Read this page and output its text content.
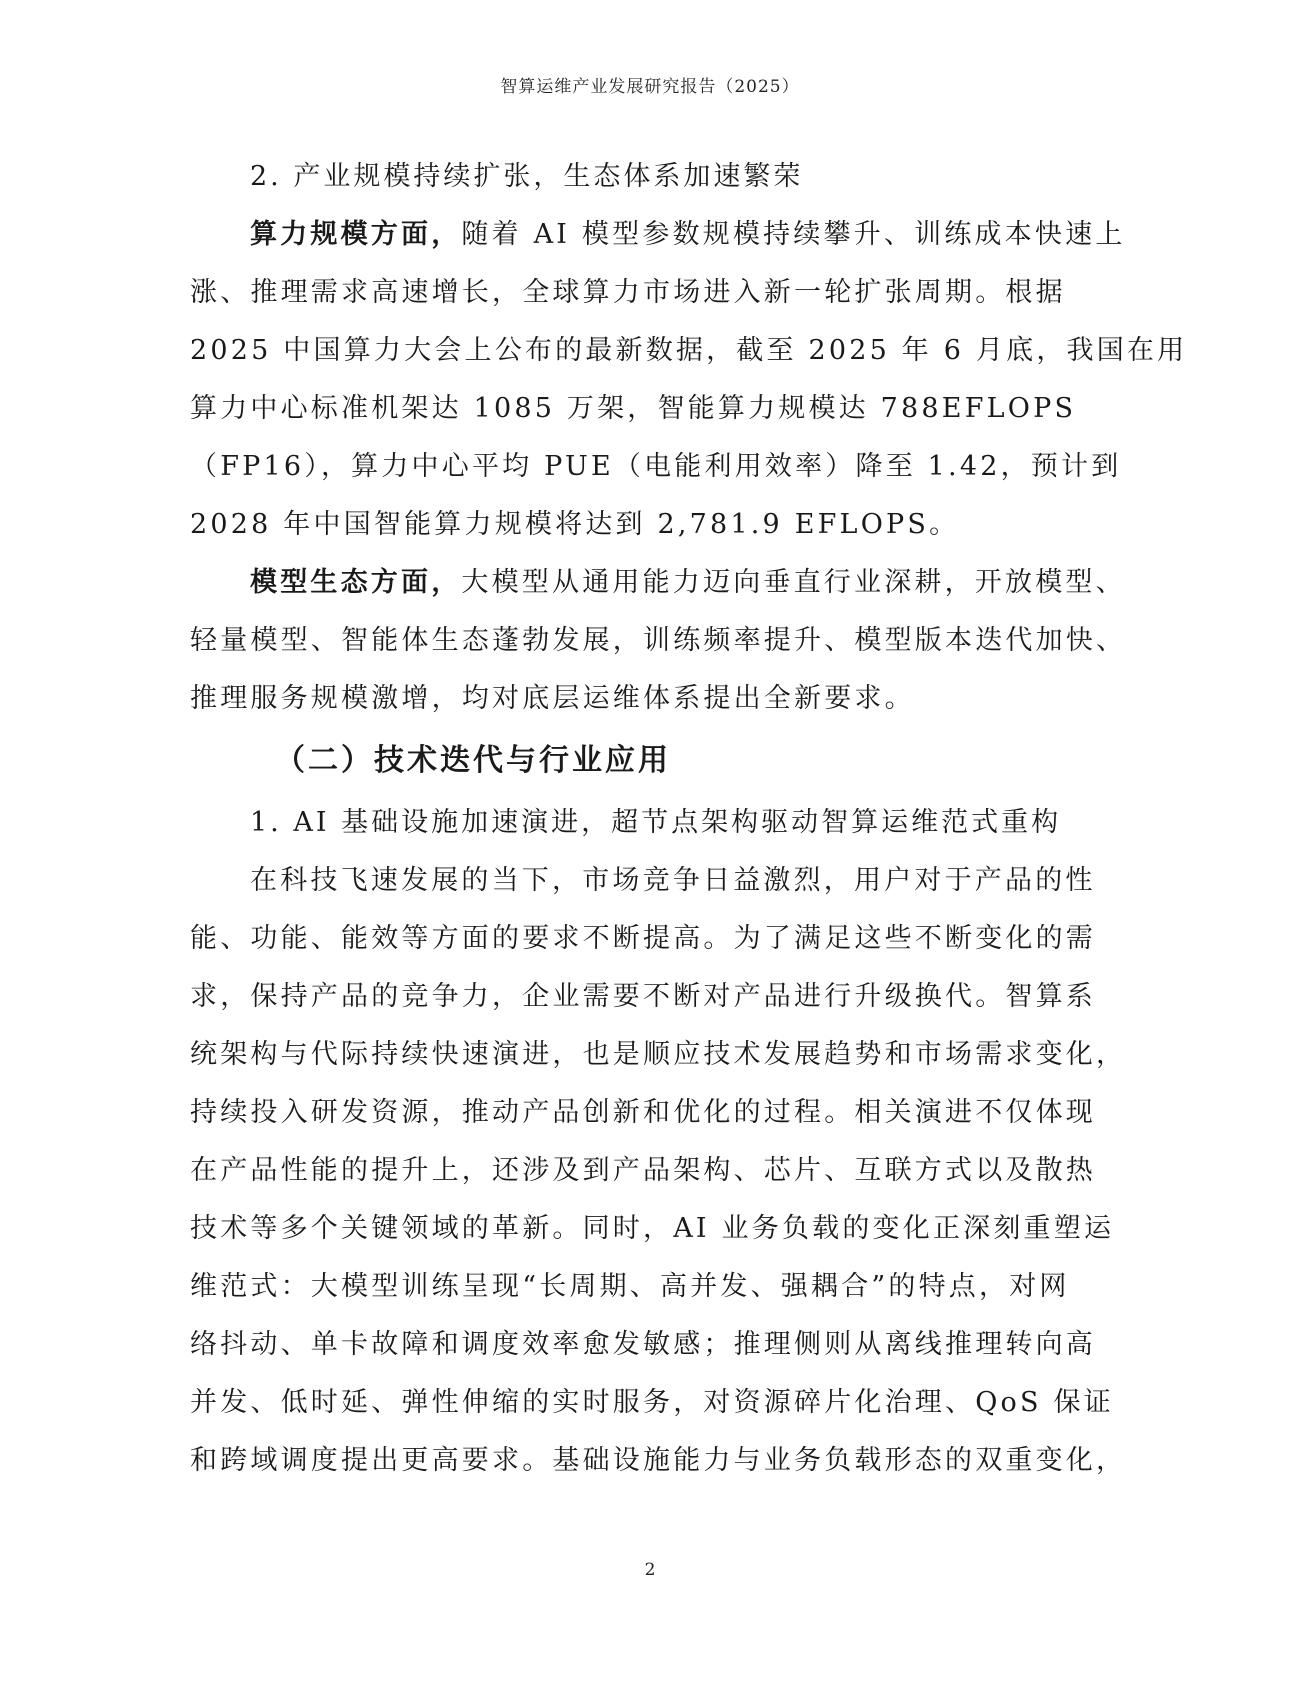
智算运维产业发展研究报告（2025）
2. 产业规模持续扩张，生态体系加速繁荣
算力规模方面，随着 AI 模型参数规模持续攀升、训练成本快速上
涨、推理需求高速增长，全球算力市场进入新一轮扩张周期。根据
2025 中国算力大会上公布的最新数据，截至 2025 年 6 月底，我国在用
算力中心标准机架达 1085 万架，智能算力规模达 788EFLOPS
（FP16），算力中心平均 PUE（电能利用效率）降至 1.42，预计到
2028 年中国智能算力规模将达到 2,781.9 EFLOPS。
模型生态方面，大模型从通用能力迈向垂直行业深耕，开放模型、
轻量模型、智能体生态蓬勃发展，训练频率提升、模型版本迭代加快、
推理服务规模激增，均对底层运维体系提出全新要求。
（二）技术迭代与行业应用
1. AI 基础设施加速演进，超节点架构驱动智算运维范式重构
在科技飞速发展的当下，市场竞争日益激烈，用户对于产品的性
能、功能、能效等方面的要求不断提高。为了满足这些不断变化的需
求，保持产品的竞争力，企业需要不断对产品进行升级换代。智算系
统架构与代际持续快速演进，也是顺应技术发展趋势和市场需求变化，
持续投入研发资源，推动产品创新和优化的过程。相关演进不仅体现
在产品性能的提升上，还涉及到产品架构、芯片、互联方式以及散热
技术等多个关键领域的革新。同时，AI 业务负载的变化正深刻重塑运
维范式：大模型训练呈现“长周期、高并发、强耦合”的特点，对网
络抖动、单卡故障和调度效率愈发敏感；推理侧则从离线推理转向高
并发、低时延、弹性伸缩的实时服务，对资源碎片化治理、QoS 保证
和跨域调度提出更高要求。基础设施能力与业务负载形态的双重变化，
2
